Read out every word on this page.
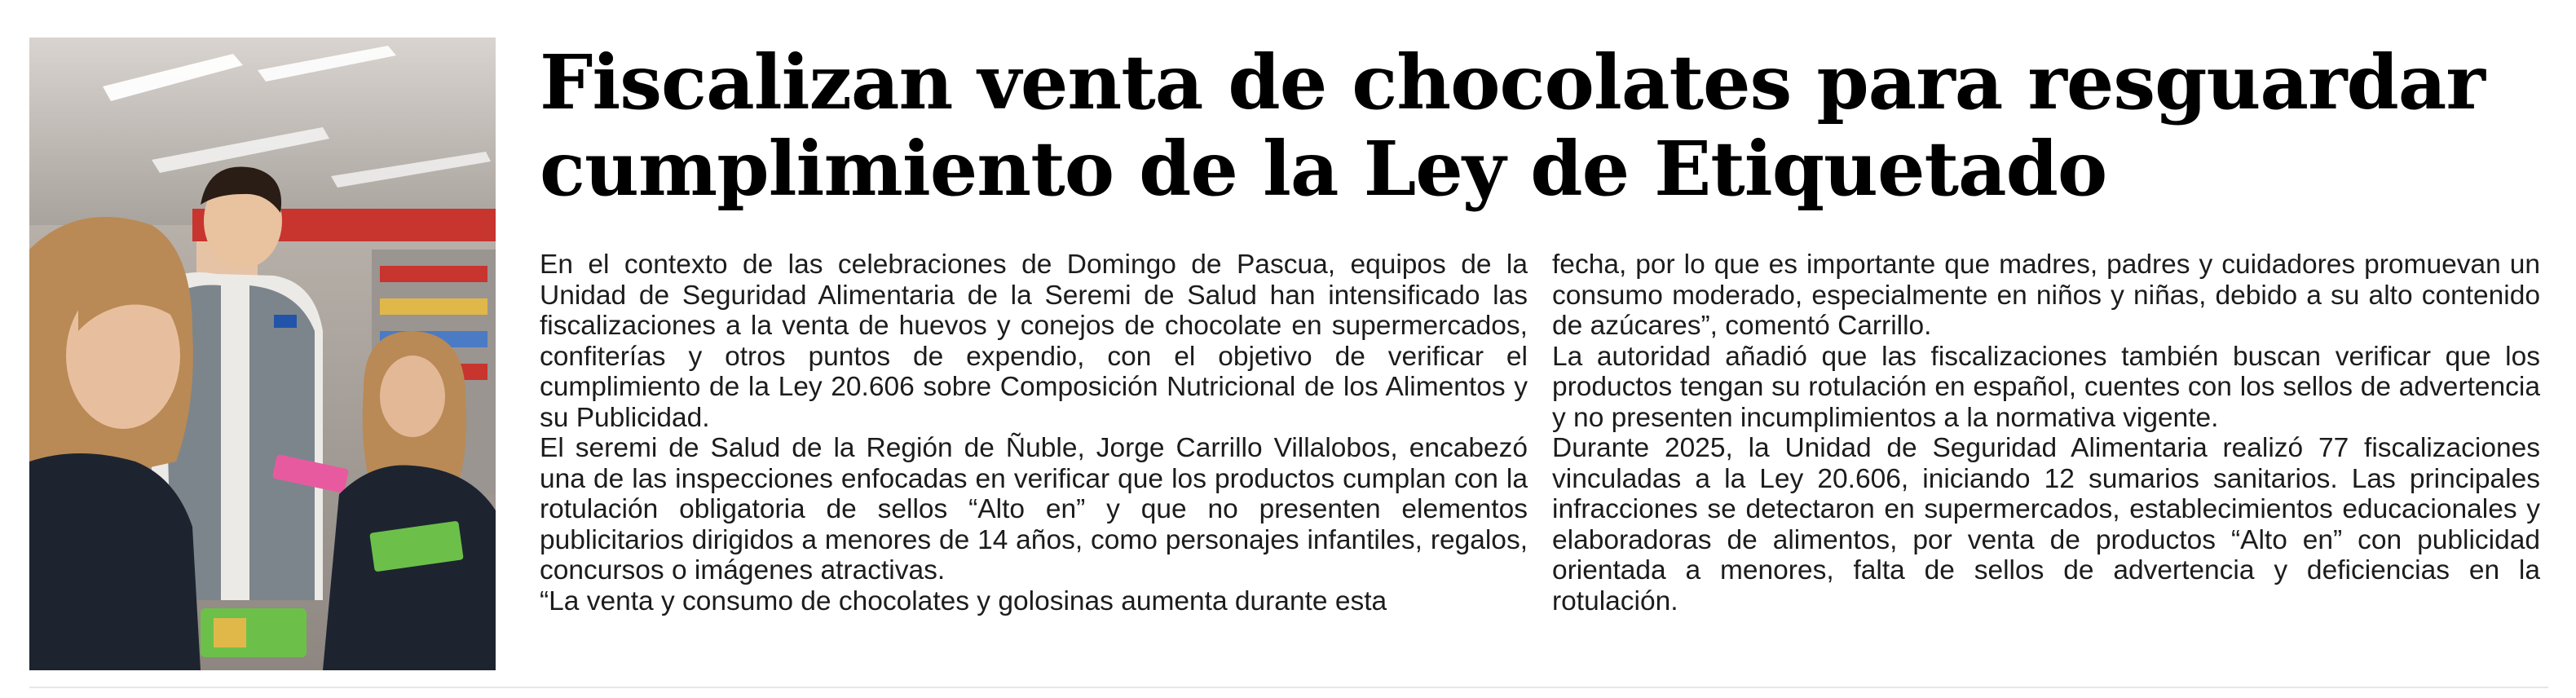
Fiscalizan venta de chocolates para resguardar
cumplimiento de la Ley de Etiquetado

En el contexto de las celebraciones de Domingo de Pascua, equipos de la Unidad de Seguridad Alimentaria de la Seremi de Salud han intensificado las fiscalizaciones a la venta de huevos y conejos de chocolate en supermercados, confiterías y otros puntos de expendio, con el objetivo de verificar el cumplimiento de la Ley 20.606 sobre Composición Nutricional de los Alimentos y su Publicidad.

El seremi de Salud de la Región de Ñuble, Jorge Carrillo Villalobos, encabezó una de las inspecciones enfocadas en verificar que los productos cumplan con la rotulación obligatoria de sellos “Alto en” y que no presenten elementos publicitarios dirigidos a menores de 14 años, como personajes infantiles, regalos, concursos o imágenes atractivas.

“La venta y consumo de chocolates y golosinas aumenta durante esta

fecha, por lo que es importante que madres, padres y cuidadores promuevan un consumo moderado, especialmente en niños y niñas, debido a su alto contenido de azúcares”, comentó Carrillo.

La autoridad añadió que las fiscalizaciones también buscan verificar que los productos tengan su rotulación en español, cuentes con los sellos de advertencia y no presenten incumplimientos a la normativa vigente.

Durante 2025, la Unidad de Seguridad Alimentaria realizó 77 fiscalizaciones vinculadas a la Ley 20.606, iniciando 12 sumarios sanitarios. Las principales infracciones se detectaron en supermercados, establecimientos educacionales y elaboradoras de alimentos, por venta de productos “Alto en” con publicidad orientada a menores, falta de sellos de advertencia y deficiencias en la rotulación.
